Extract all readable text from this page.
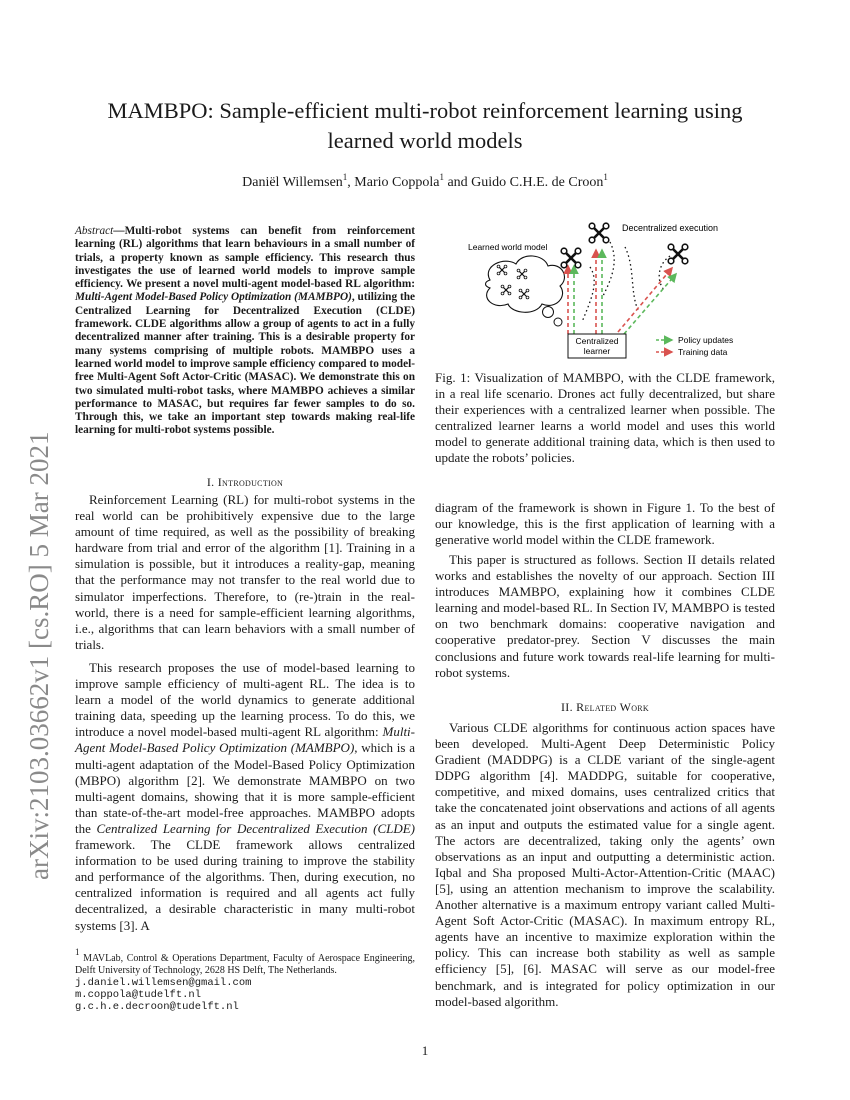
arXiv:2103.03662v1 [cs.RO] 5 Mar 2021
MAMBPO: Sample-efficient multi-robot reinforcement learning using
learned world models
Daniël Willemsen$^1$, Mario Coppola$^1$ and Guido C.H.E. de Croon$^1$

Abstract—Multi-robot systems can benefit from reinforcement learning (RL) algorithms that learn behaviours in a small number of trials, a property known as sample efficiency. This research thus investigates the use of learned world models to improve sample efficiency. We present a novel multi-agent model-based RL algorithm: Multi-Agent Model-Based Policy Optimization (MAMBPO), utilizing the Centralized Learning for Decentralized Execution (CLDE) framework. CLDE algorithms allow a group of agents to act in a fully decentralized manner after training. This is a desirable property for many systems comprising of multiple robots. MAMBPO uses a learned world model to improve sample efficiency compared to model-free Multi-Agent Soft Actor-Critic (MASAC). We demonstrate this on two simulated multi-robot tasks, where MAMBPO achieves a similar performance to MASAC, but requires far fewer samples to do so. Through this, we take an important step towards making real-life learning for multi-robot systems possible.

I. Introduction

Reinforcement Learning (RL) for multi-robot systems in the real world can be prohibitively expensive due to the large amount of time required, as well as the possibility of breaking hardware from trial and error of the algorithm [1]. Training in a simulation is possible, but it introduces a reality-gap, meaning that the performance may not transfer to the real world due to simulator imperfections. Therefore, to (re-)train in the real-world, there is a need for sample-efficient learning algorithms, i.e., algorithms that can learn behaviors with a small number of trials.

This research proposes the use of model-based learning to improve sample efficiency of multi-agent RL. The idea is to learn a model of the world dynamics to generate additional training data, speeding up the learning process. To do this, we introduce a novel model-based multi-agent RL algorithm: Multi-Agent Model-Based Policy Optimization (MAMBPO), which is a multi-agent adaptation of the Model-Based Policy Optimization (MBPO) algorithm [2]. We demonstrate MAMBPO on two multi-agent domains, showing that it is more sample-efficient than state-of-the-art model-free approaches. MAMBPO adopts the Centralized Learning for Decentralized Execution (CLDE) framework. The CLDE framework allows centralized information to be used during training to improve the stability and performance of the algorithms. Then, during execution, no centralized information is required and all agents act fully decentralized, a desirable characteristic in many multi-robot systems [3]. A

$^1$ MAVLab, Control & Operations Department, Faculty of Aerospace Engineering, Delft University of Technology, 2628 HS Delft, The Netherlands.

j.daniel.willemsen@gmail.com

m.coppola@tudelft.nl

g.c.h.e.decroon@tudelft.nl

Decentralized execution
Learned world model
Centralized
learner
Policy updates
Training data

Fig. 1: Visualization of MAMBPO, with the CLDE framework, in a real life scenario. Drones act fully decentralized, but share their experiences with a centralized learner when possible. The centralized learner learns a world model and uses this world model to generate additional training data, which is then used to update the robots’ policies.

diagram of the framework is shown in Figure 1. To the best of our knowledge, this is the first application of learning with a generative world model within the CLDE framework.

This paper is structured as follows. Section II details related works and establishes the novelty of our approach. Section III introduces MAMBPO, explaining how it combines CLDE learning and model-based RL. In Section IV, MAMBPO is tested on two benchmark domains: cooperative navigation and cooperative predator-prey. Section V discusses the main conclusions and future work towards real-life learning for multi-robot systems.

II. Related Work

Various CLDE algorithms for continuous action spaces have been developed. Multi-Agent Deep Deterministic Policy Gradient (MADDPG) is a CLDE variant of the single-agent DDPG algorithm [4]. MADDPG, suitable for cooperative, competitive, and mixed domains, uses centralized critics that take the concatenated joint observations and actions of all agents as an input and outputs the estimated value for a single agent. The actors are decentralized, taking only the agents’ own observations as an input and outputting a deterministic action. Iqbal and Sha proposed Multi-Actor-Attention-Critic (MAAC) [5], using an attention mechanism to improve the scalability. Another alternative is a maximum entropy variant called Multi-Agent Soft Actor-Critic (MASAC). In maximum entropy RL, agents have an incentive to maximize exploration within the policy. This can increase both stability as well as sample efficiency [5], [6]. MASAC will serve as our model-free benchmark, and is integrated for policy optimization in our model-based algorithm.

1
